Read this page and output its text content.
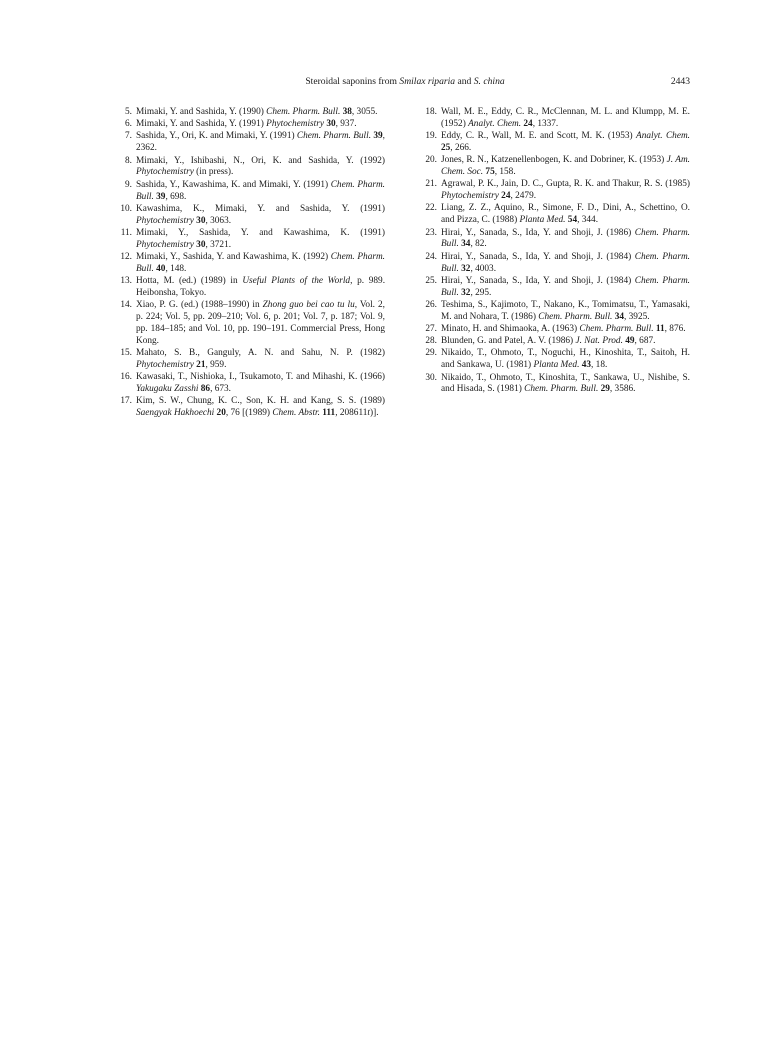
Steroidal saponins from Smilax riparia and S. china	2443
5. Mimaki, Y. and Sashida, Y. (1990) Chem. Pharm. Bull. 38, 3055.
6. Mimaki, Y. and Sashida, Y. (1991) Phytochemistry 30, 937.
7. Sashida, Y., Ori, K. and Mimaki, Y. (1991) Chem. Pharm. Bull. 39, 2362.
8. Mimaki, Y., Ishibashi, N., Ori, K. and Sashida, Y. (1992) Phytochemistry (in press).
9. Sashida, Y., Kawashima, K. and Mimaki, Y. (1991) Chem. Pharm. Bull. 39, 698.
10. Kawashima, K., Mimaki, Y. and Sashida, Y. (1991) Phytochemistry 30, 3063.
11. Mimaki, Y., Sashida, Y. and Kawashima, K. (1991) Phytochemistry 30, 3721.
12. Mimaki, Y., Sashida, Y. and Kawashima, K. (1992) Chem. Pharm. Bull. 40, 148.
13. Hotta, M. (ed.) (1989) in Useful Plants of the World, p. 989. Heibonsha, Tokyo.
14. Xiao, P. G. (ed.) (1988–1990) in Zhong guo bei cao tu lu, Vol. 2, p. 224; Vol. 5, pp. 209–210; Vol. 6, p. 201; Vol. 7, p. 187; Vol. 9, pp. 184–185; and Vol. 10, pp. 190–191. Commercial Press, Hong Kong.
15. Mahato, S. B., Ganguly, A. N. and Sahu, N. P. (1982) Phytochemistry 21, 959.
16. Kawasaki, T., Nishioka, I., Tsukamoto, T. and Mihashi, K. (1966) Yakugaku Zasshi 86, 673.
17. Kim, S. W., Chung, K. C., Son, K. H. and Kang, S. S. (1989) Saengyak Hakhoechi 20, 76 [(1989) Chem. Abstr. 111, 208611t)].
18. Wall, M. E., Eddy, C. R., McClennan, M. L. and Klumpp, M. E. (1952) Analyt. Chem. 24, 1337.
19. Eddy, C. R., Wall, M. E. and Scott, M. K. (1953) Analyt. Chem. 25, 266.
20. Jones, R. N., Katzenellenbogen, K. and Dobriner, K. (1953) J. Am. Chem. Soc. 75, 158.
21. Agrawal, P. K., Jain, D. C., Gupta, R. K. and Thakur, R. S. (1985) Phytochemistry 24, 2479.
22. Liang, Z. Z., Aquino, R., Simone, F. D., Dini, A., Schettino, O. and Pizza, C. (1988) Planta Med. 54, 344.
23. Hirai, Y., Sanada, S., Ida, Y. and Shoji, J. (1986) Chem. Pharm. Bull. 34, 82.
24. Hirai, Y., Sanada, S., Ida, Y. and Shoji, J. (1984) Chem. Pharm. Bull. 32, 4003.
25. Hirai, Y., Sanada, S., Ida, Y. and Shoji, J. (1984) Chem. Pharm. Bull. 32, 295.
26. Teshima, S., Kajimoto, T., Nakano, K., Tomimatsu, T., Yamasaki, M. and Nohara, T. (1986) Chem. Pharm. Bull. 34, 3925.
27. Minato, H. and Shimaoka, A. (1963) Chem. Pharm. Bull. 11, 876.
28. Blunden, G. and Patel, A. V. (1986) J. Nat. Prod. 49, 687.
29. Nikaido, T., Ohmoto, T., Noguchi, H., Kinoshita, T., Saitoh, H. and Sankawa, U. (1981) Planta Med. 43, 18.
30. Nikaido, T., Ohmoto, T., Kinoshita, T., Sankawa, U., Nishibe, S. and Hisada, S. (1981) Chem. Pharm. Bull. 29, 3586.
